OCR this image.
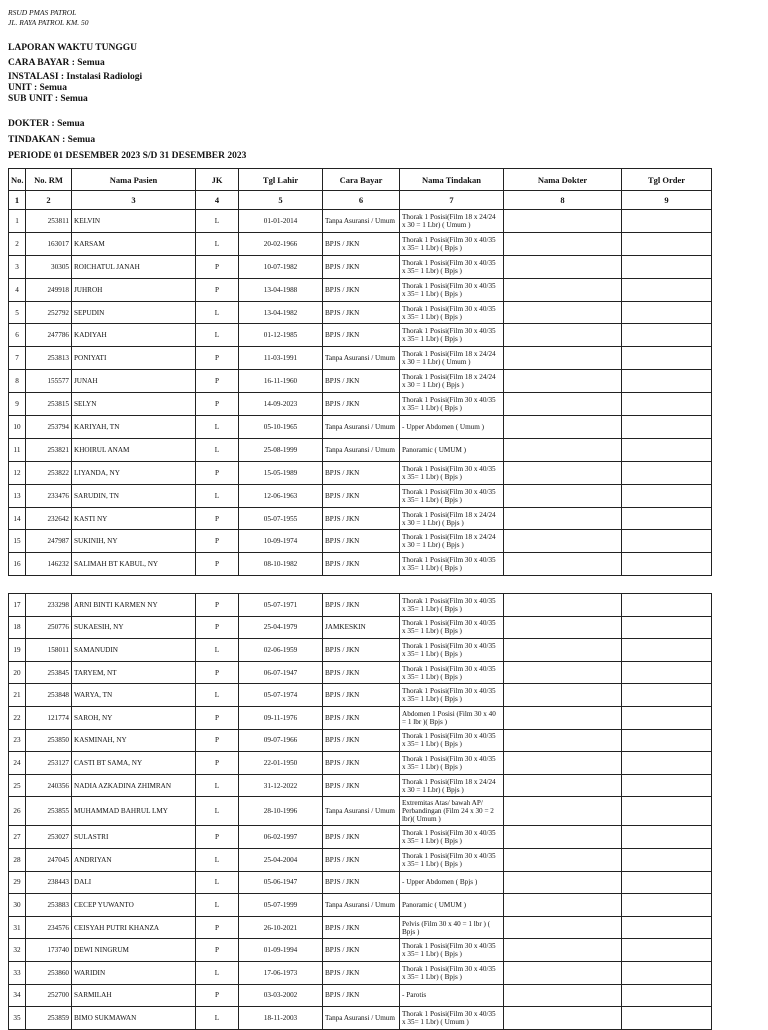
RSUD PMAS PATROL
JL. RAYA PATROL KM. 50
LAPORAN WAKTU TUNGGU
CARA BAYAR : Semua
INSTALASI : Instalasi Radiologi
UNIT : Semua
SUB UNIT : Semua
DOKTER : Semua
TINDAKAN : Semua
PERIODE 01 DESEMBER 2023 S/D 31 DESEMBER 2023
No.	No. RM	Nama Pasien	JK	Tgl Lahir	Cara Bayar	Nama Tindakan	Nama Dokter	Tgl Order
1	2	3	4	5	6	7	8	9
1	253811	KELVIN	L	01-01-2014	Tanpa Asuransi / Umum	Thorak 1 Posisi(Film 18 x 24/24 x 30 = 1 Lbr) ( Umum )		
2	163017	KARSAM	L	20-02-1966	BPJS / JKN	Thorak 1 Posisi(Film 30 x 40/35 x 35= 1 Lbr) ( Bpjs )		
3	30305	ROICHATUL JANAH	P	10-07-1982	BPJS / JKN	Thorak 1 Posisi(Film 30 x 40/35 x 35= 1 Lbr) ( Bpjs )		
4	249918	JUHROH	P	13-04-1988	BPJS / JKN	Thorak 1 Posisi(Film 30 x 40/35 x 35= 1 Lbr) ( Bpjs )		
5	252792	SEPUDIN	L	13-04-1982	BPJS / JKN	Thorak 1 Posisi(Film 30 x 40/35 x 35= 1 Lbr) ( Bpjs )		
6	247786	KADIYAH	L	01-12-1985	BPJS / JKN	Thorak 1 Posisi(Film 30 x 40/35 x 35= 1 Lbr) ( Bpjs )		
7	253813	PONIYATI	P	11-03-1991	Tanpa Asuransi / Umum	Thorak 1 Posisi(Film 18 x 24/24 x 30 = 1 Lbr) ( Umum )		
8	155577	JUNAH	P	16-11-1960	BPJS / JKN	Thorak 1 Posisi(Film 18 x 24/24 x 30 = 1 Lbr) ( Bpjs )		
9	253815	SELYN	P	14-09-2023	BPJS / JKN	Thorak 1 Posisi(Film 30 x 40/35 x 35= 1 Lbr) ( Bpjs )		
10	253794	KARIYAH, TN	L	05-10-1965	Tanpa Asuransi / Umum	- Upper Abdomen ( Umum )		
11	253821	KHOIRUL ANAM	L	25-08-1999	Tanpa Asuransi / Umum	Panoramic ( UMUM )		
12	253822	LIYANDA, NY	P	15-05-1989	BPJS / JKN	Thorak 1 Posisi(Film 30 x 40/35 x 35= 1 Lbr) ( Bpjs )		
13	233476	SARUDIN, TN	L	12-06-1963	BPJS / JKN	Thorak 1 Posisi(Film 30 x 40/35 x 35= 1 Lbr) ( Bpjs )		
14	232642	KASTI NY	P	05-07-1955	BPJS / JKN	Thorak 1 Posisi(Film 18 x 24/24 x 30 = 1 Lbr) ( Bpjs )		
15	247987	SUKINIH, NY	P	10-09-1974	BPJS / JKN	Thorak 1 Posisi(Film 18 x 24/24 x 30 = 1 Lbr) ( Bpjs )		
16	146232	SALIMAH BT KABUL, NY	P	08-10-1982	BPJS / JKN	Thorak 1 Posisi(Film 30 x 40/35 x 35= 1 Lbr) ( Bpjs )		
17	233298	ARNI BINTI KARMEN NY	P	05-07-1971	BPJS / JKN	Thorak 1 Posisi(Film 30 x 40/35 x 35= 1 Lbr) ( Bpjs )		
18	250776	SUKAESIH, NY	P	25-04-1979	JAMKESKIN	Thorak 1 Posisi(Film 30 x 40/35 x 35= 1 Lbr) ( Bpjs )		
19	158011	SAMANUDIN	L	02-06-1959	BPJS / JKN	Thorak 1 Posisi(Film 30 x 40/35 x 35= 1 Lbr) ( Bpjs )		
20	253845	TARYEM, NT	P	06-07-1947	BPJS / JKN	Thorak 1 Posisi(Film 30 x 40/35 x 35= 1 Lbr) ( Bpjs )		
21	253848	WARYA, TN	L	05-07-1974	BPJS / JKN	Thorak 1 Posisi(Film 30 x 40/35 x 35= 1 Lbr) ( Bpjs )		
22	121774	SAROH, NY	P	09-11-1976	BPJS / JKN	Abdomen 1 Posisi (Film 30 x 40 = 1 lbr )( Bpjs )		
23	253850	KASMINAH, NY	P	09-07-1966	BPJS / JKN	Thorak 1 Posisi(Film 30 x 40/35 x 35= 1 Lbr) ( Bpjs )		
24	253127	CASTI BT SAMA, NY	P	22-01-1950	BPJS / JKN	Thorak 1 Posisi(Film 30 x 40/35 x 35= 1 Lbr) ( Bpjs )		
25	240356	NADIA AZKADINA ZHIMRAN	L	31-12-2022	BPJS / JKN	Thorak 1 Posisi(Film 18 x 24/24 x 30 = 1 Lbr) ( Bpjs )		
26	253855	MUHAMMAD BAHRUL LMY	L	28-10-1996	Tanpa Asuransi / Umum	Extremitas Atas/ bawah AP/ Perbandingan (Film 24 x 30 = 2 lbr)( Umum )		
27	253027	SULASTRI	P	06-02-1997	BPJS / JKN	Thorak 1 Posisi(Film 30 x 40/35 x 35= 1 Lbr) ( Bpjs )		
28	247045	ANDRIYAN	L	25-04-2004	BPJS / JKN	Thorak 1 Posisi(Film 30 x 40/35 x 35= 1 Lbr) ( Bpjs )		
29	238443	DALI	L	05-06-1947	BPJS / JKN	- Upper Abdomen ( Bpjs )		
30	253883	CECEP YUWANTO	L	05-07-1999	Tanpa Asuransi / Umum	Panoramic ( UMUM )		
31	234576	CEISYAH PUTRI KHANZA	P	26-10-2021	BPJS / JKN	Pelvis (Film 30 x 40 = 1 lbr ) ( Bpjs )		
32	173740	DEWI NINGRUM	P	01-09-1994	BPJS / JKN	Thorak 1 Posisi(Film 30 x 40/35 x 35= 1 Lbr) ( Bpjs )		
33	253860	WARIDIN	L	17-06-1973	BPJS / JKN	Thorak 1 Posisi(Film 30 x 40/35 x 35= 1 Lbr) ( Bpjs )		
34	252700	SARMILAH	P	03-03-2002	BPJS / JKN	- Parotis		
35	253859	BIMO SUKMAWAN	L	18-11-2003	Tanpa Asuransi / Umum	Thorak 1 Posisi(Film 30 x 40/35 x 35= 1 Lbr) ( Umum )		
